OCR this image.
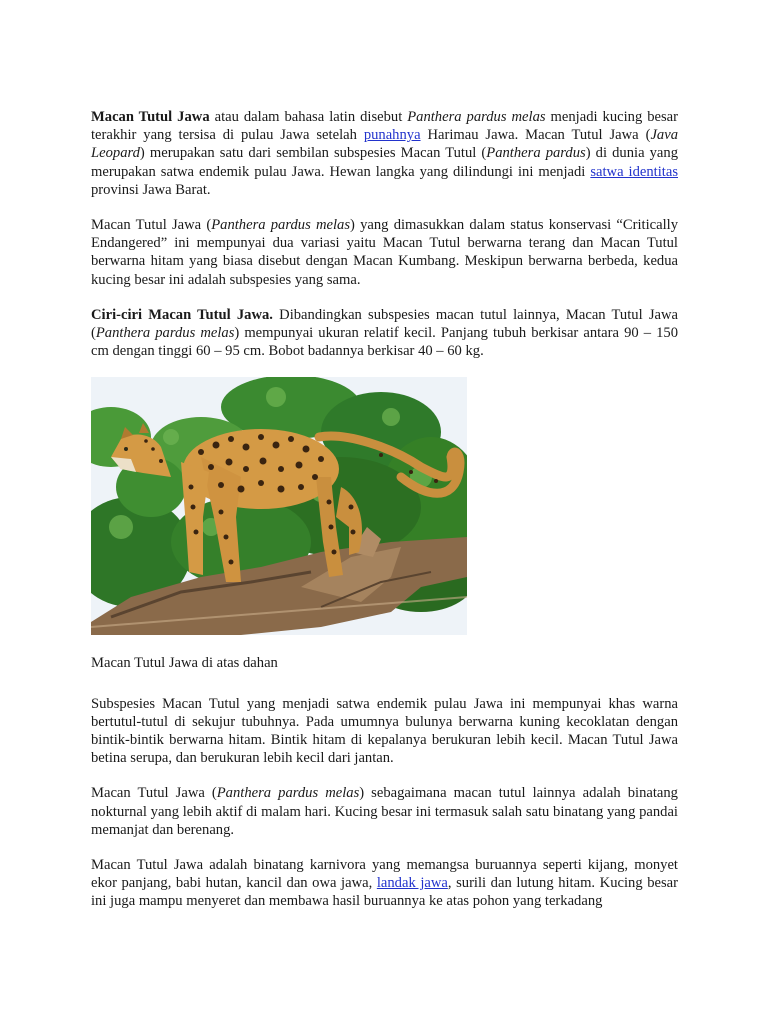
Macan Tutul Jawa atau dalam bahasa latin disebut Panthera pardus melas menjadi kucing besar terakhir yang tersisa di pulau Jawa setelah punahnya Harimau Jawa. Macan Tutul Jawa (Java Leopard) merupakan satu dari sembilan subspesies Macan Tutul (Panthera pardus) di dunia yang merupakan satwa endemik pulau Jawa. Hewan langka yang dilindungi ini menjadi satwa identitas provinsi Jawa Barat.

Macan Tutul Jawa (Panthera pardus melas) yang dimasukkan dalam status konservasi “Critically Endangered” ini mempunyai dua variasi yaitu Macan Tutul berwarna terang dan Macan Tutul berwarna hitam yang biasa disebut dengan Macan Kumbang. Meskipun berwarna berbeda, kedua kucing besar ini adalah subspesies yang sama.

Ciri-ciri Macan Tutul Jawa. Dibandingkan subspesies macan tutul lainnya, Macan Tutul Jawa (Panthera pardus melas) mempunyai ukuran relatif kecil. Panjang tubuh berkisar antara 90 – 150 cm dengan tinggi 60 – 95 cm. Bobot badannya berkisar 40 – 60 kg.

Macan Tutul Jawa di atas dahan

Subspesies Macan Tutul yang menjadi satwa endemik pulau Jawa ini mempunyai khas warna bertutul-tutul di sekujur tubuhnya. Pada umumnya bulunya berwarna kuning kecoklatan dengan bintik-bintik berwarna hitam. Bintik hitam di kepalanya berukuran lebih kecil. Macan Tutul Jawa betina serupa, dan berukuran lebih kecil dari jantan.

Macan Tutul Jawa (Panthera pardus melas) sebagaimana macan tutul lainnya adalah binatang nokturnal yang lebih aktif di malam hari. Kucing besar ini termasuk salah satu binatang yang pandai memanjat dan berenang.

Macan Tutul Jawa adalah binatang karnivora yang memangsa buruannya seperti kijang, monyet ekor panjang, babi hutan, kancil dan owa jawa, landak jawa, surili dan lutung hitam. Kucing besar ini juga mampu menyeret dan membawa hasil buruannya ke atas pohon yang terkadang
